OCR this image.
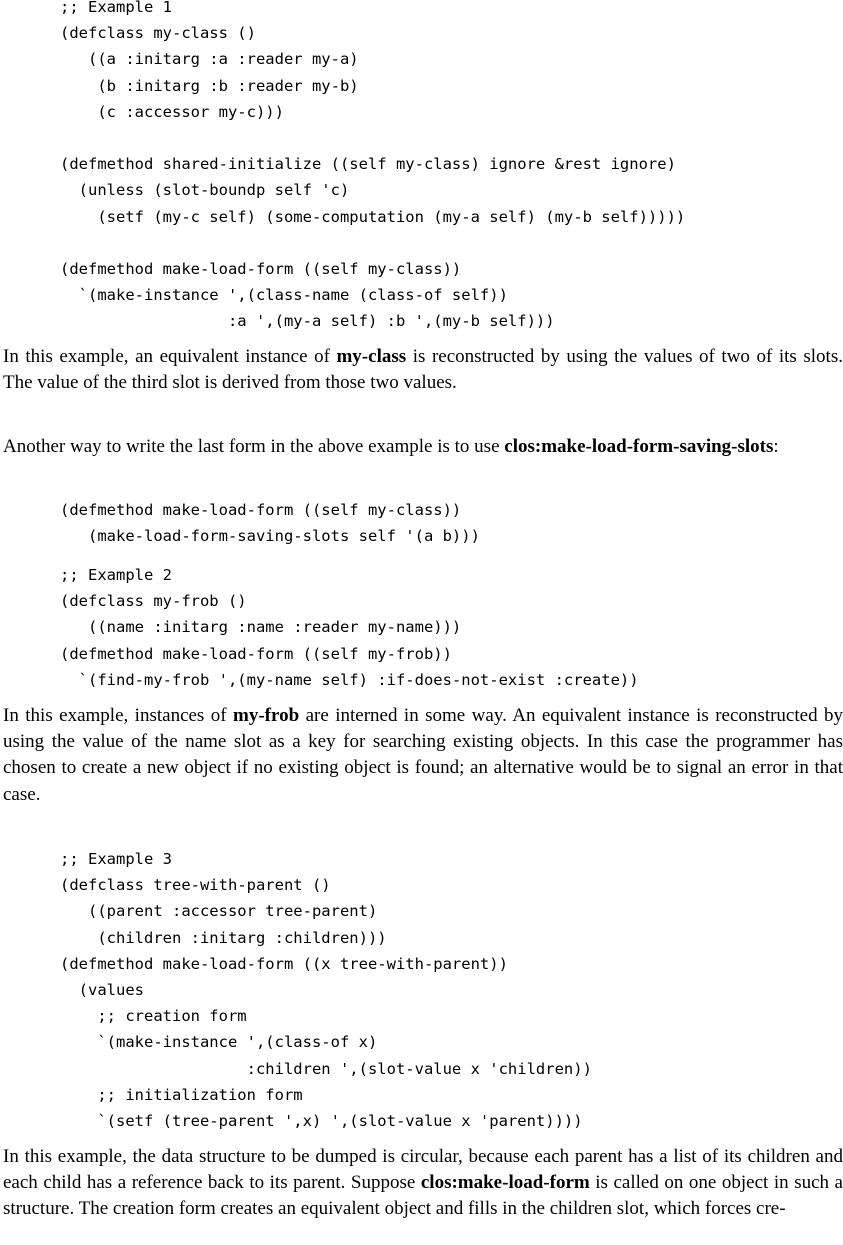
;; Example 1
(defclass my-class ()
((a :initarg :a :reader my-a)
(b :initarg :b :reader my-b)
(c :accessor my-c)))

(defmethod shared-initialize ((self my-class) ignore &rest ignore)
(unless (slot-boundp self 'c)
(setf (my-c self) (some-computation (my-a self) (my-b self)))))

(defmethod make-load-form ((self my-class))
`(make-instance ',(class-name (class-of self))
:a ',(my-a self) :b ',(my-b self)))

In this example, an equivalent instance of my-class is reconstructed by using the values of two of its slots. The value of the third slot is derived from those two values.

Another way to write the last form in the above example is to use clos:make-load-form-saving-slots:

(defmethod make-load-form ((self my-class))
(make-load-form-saving-slots self '(a b)))
;; Example 2
(defclass my-frob ()
((name :initarg :name :reader my-name)))
(defmethod make-load-form ((self my-frob))
`(find-my-frob ',(my-name self) :if-does-not-exist :create))

In this example, instances of my-frob are interned in some way. An equivalent instance is reconstructed by using the value of the name slot as a key for searching existing objects. In this case the programmer has chosen to create a new object if no existing object is found; an alternative would be to signal an error in that case.

;; Example 3
(defclass tree-with-parent ()
((parent :accessor tree-parent)
(children :initarg :children)))
(defmethod make-load-form ((x tree-with-parent))
(values
;; creation form
`(make-instance ',(class-of x)
:children ',(slot-value x 'children))
;; initialization form
`(setf (tree-parent ',x) ',(slot-value x 'parent))))

In this example, the data structure to be dumped is circular, because each parent has a list of its children and each child has a reference back to its parent. Suppose clos:make-load-form is called on one object in such a structure. The creation form creates an equivalent object and fills in the children slot, which forces cre-
